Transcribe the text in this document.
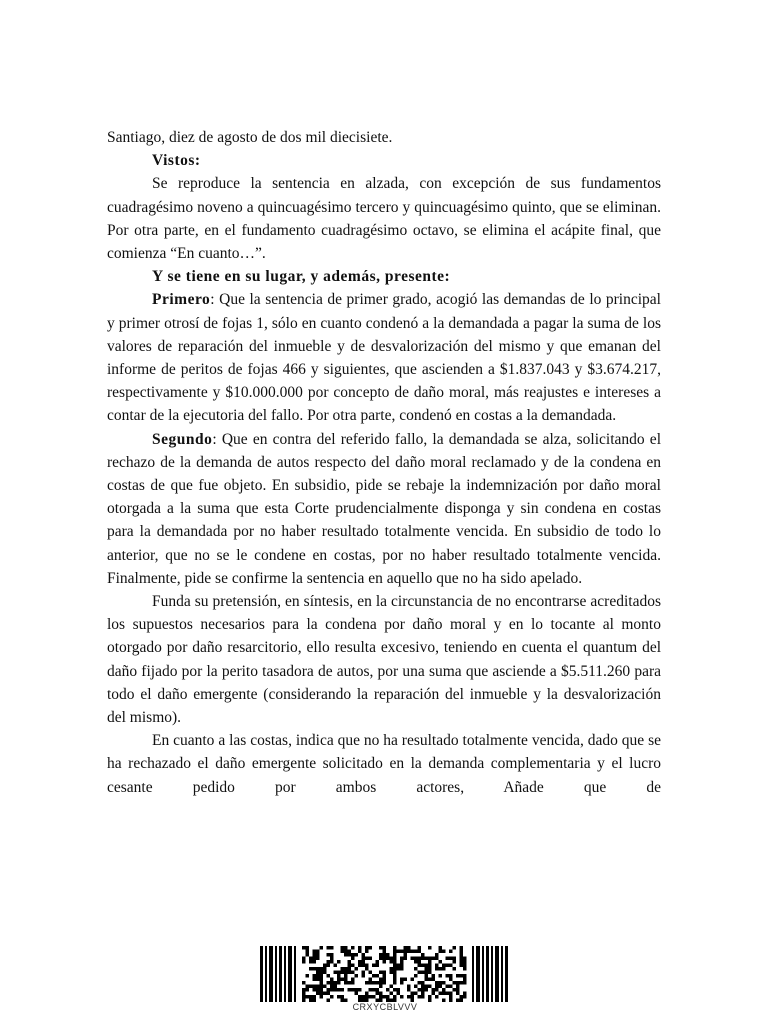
Santiago, diez de agosto de dos mil diecisiete.

Vistos:

Se reproduce la sentencia en alzada, con excepción de sus fundamentos cuadragésimo noveno a quincuagésimo tercero y quincuagésimo quinto, que se eliminan. Por otra parte, en el fundamento cuadragésimo octavo, se elimina el acápite final, que comienza “En cuanto…”.

Y se tiene en su lugar, y además, presente:

Primero: Que la sentencia de primer grado, acogió las demandas de lo principal y primer otrosí de fojas 1, sólo en cuanto condenó a la demandada a pagar la suma de los valores de reparación del inmueble y de desvalorización del mismo y que emanan del informe de peritos de fojas 466 y siguientes, que ascienden a $1.837.043 y $3.674.217, respectivamente y $10.000.000 por concepto de daño moral, más reajustes e intereses a contar de la ejecutoria del fallo. Por otra parte, condenó en costas a la demandada.

Segundo: Que en contra del referido fallo, la demandada se alza, solicitando el rechazo de la demanda de autos respecto del daño moral reclamado y de la condena en costas de que fue objeto. En subsidio, pide se rebaje la indemnización por daño moral otorgada a la suma que esta Corte prudencialmente disponga y sin condena en costas para la demandada por no haber resultado totalmente vencida. En subsidio de todo lo anterior, que no se le condene en costas, por no haber resultado totalmente vencida. Finalmente, pide se confirme la sentencia en aquello que no ha sido apelado.

Funda su pretensión, en síntesis, en la circunstancia de no encontrarse acreditados los supuestos necesarios para la condena por daño moral y en lo tocante al monto otorgado por daño resarcitorio, ello resulta excesivo, teniendo en cuenta el quantum del daño fijado por la perito tasadora de autos, por una suma que asciende a $5.511.260 para todo el daño emergente (considerando la reparación del inmueble y la desvalorización del mismo).

En cuanto a las costas, indica que no ha resultado totalmente vencida, dado que se ha rechazado el daño emergente solicitado en la demanda complementaria y el lucro cesante pedido por ambos actores, Añade que de

CRXYCBLVVV
